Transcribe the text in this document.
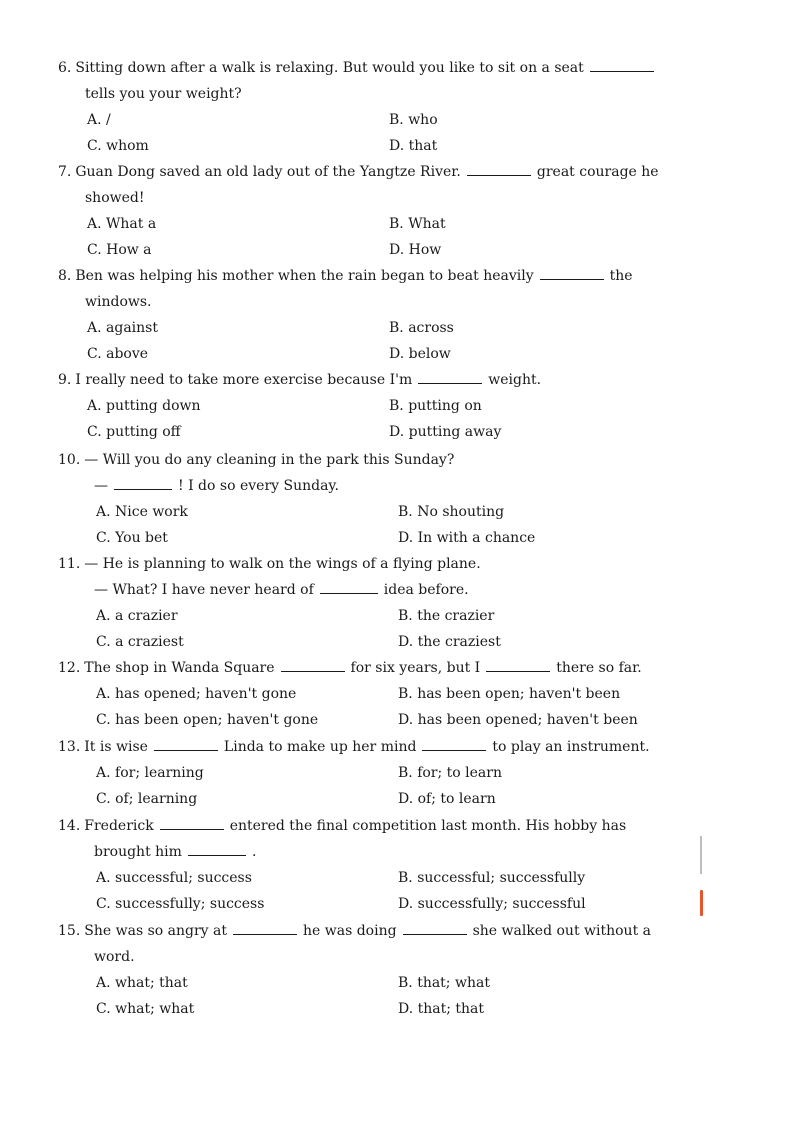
6. Sitting down after a walk is relaxing. But would you like to sit on a seat
tells you your weight?
A. /	B. who
C. whom	D. that
7. Guan Dong saved an old lady out of the Yangtze River.	great courage he
showed!
A. What a	B. What
C. How a	D. How
8. Ben was helping his mother when the rain began to beat heavily	the
windows.
A. against	B. across
C. above	D. below
9. I really need to take more exercise because I'm	weight.
A. putting down	B. putting on
C. putting off	D. putting away
10. — Will you do any cleaning in the park this Sunday?
—	! I do so every Sunday.
A. Nice work	B. No shouting
C. You bet	D. In with a chance
11. — He is planning to walk on the wings of a flying plane.
— What? I have never heard of	idea before.
A. a crazier	B. the crazier
C. a craziest	D. the craziest
12. The shop in Wanda Square	for six years, but I	there so far.
A. has opened; haven't gone	B. has been open; haven't been
C. has been open; haven't gone	D. has been opened; haven't been
13. It is wise	Linda to make up her mind	to play an instrument.
A. for; learning	B. for; to learn
C. of; learning	D. of; to learn
14. Frederick	entered the final competition last month. His hobby has
brought him	.
A. successful; success	B. successful; successfully
C. successfully; success	D. successfully; successful
15. She was so angry at	he was doing	she walked out without a
word.
A. what; that	B. that; what
C. what; what	D. that; that
